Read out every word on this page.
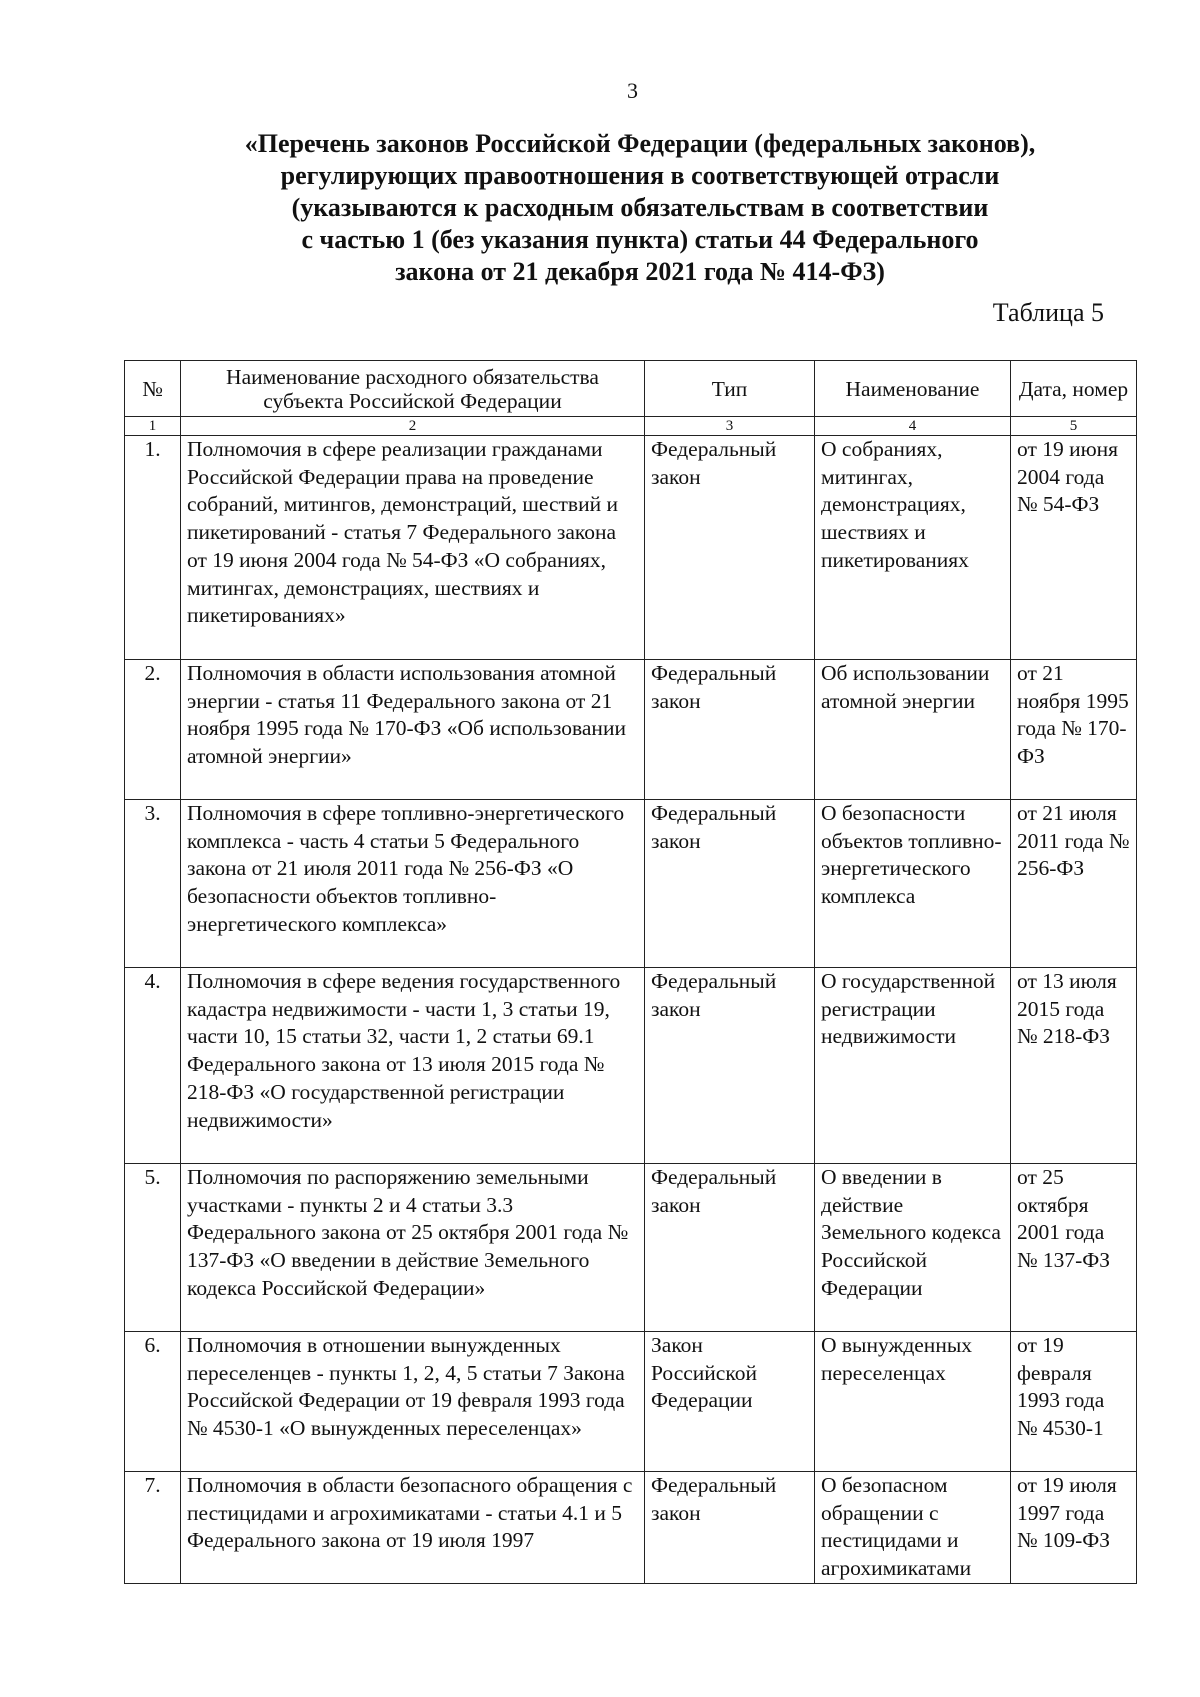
3
«Перечень законов Российской Федерации (федеральных законов),
регулирующих правоотношения в соответствующей отрасли
(указываются к расходным обязательствам в соответствии
с частью 1 (без указания пункта) статьи 44 Федерального
закона от 21 декабря 2021 года № 414-ФЗ)
Таблица 5
№	Наименование расходного обязательства субъекта Российской Федерации	Тип	Наименование	Дата, номер
1	2	3	4	5
1.	Полномочия в сфере реализации гражданами Российской Федерации права на проведение собраний, митингов, демонстраций, шествий и пикетирований - статья 7 Федерального закона от 19 июня 2004 года № 54-ФЗ «О собраниях, митингах, демонстрациях, шествиях и пикетированиях»	Федеральный закон	О собраниях, митингах, демонстрациях, шествиях и пикетированиях	от 19 июня 2004 года № 54-ФЗ
2.	Полномочия в области использования атомной энергии - статья 11 Федерального закона от 21 ноября 1995 года № 170-ФЗ «Об использовании атомной энергии»	Федеральный закон	Об использовании атомной энергии	от 21 ноября 1995 года № 170-ФЗ
3.	Полномочия в сфере топливно-энергетического комплекса - часть 4 статьи 5 Федерального закона от 21 июля 2011 года № 256-ФЗ «О безопасности объектов топливно-энергетического комплекса»	Федеральный закон	О безопасности объектов топливно-энергетического комплекса	от 21 июля 2011 года № 256-ФЗ
4.	Полномочия в сфере ведения государственного кадастра недвижимости - части 1, 3 статьи 19, части 10, 15 статьи 32, части 1, 2 статьи 69.1 Федерального закона от 13 июля 2015 года № 218-ФЗ «О государственной регистрации недвижимости»	Федеральный закон	О государственной регистрации недвижимости	от 13 июля 2015 года № 218-ФЗ
5.	Полномочия по распоряжению земельными участками - пункты 2 и 4 статьи 3.3 Федерального закона от 25 октября 2001 года № 137-ФЗ «О введении в действие Земельного кодекса Российской Федерации»	Федеральный закон	О введении в действие Земельного кодекса Российской Федерации	от 25 октября 2001 года № 137-ФЗ
6.	Полномочия в отношении вынужденных переселенцев - пункты 1, 2, 4, 5 статьи 7 Закона Российской Федерации от 19 февраля 1993 года № 4530-1 «О вынужденных переселенцах»	Закон Российской Федерации	О вынужденных переселенцах	от 19 февраля 1993 года № 4530-1
7.	Полномочия в области безопасного обращения с пестицидами и агрохимикатами - статьи 4.1 и 5 Федерального закона от 19 июля 1997	Федеральный закон	О безопасном обращении с пестицидами и агрохимикатами	от 19 июля 1997 года № 109-ФЗ
